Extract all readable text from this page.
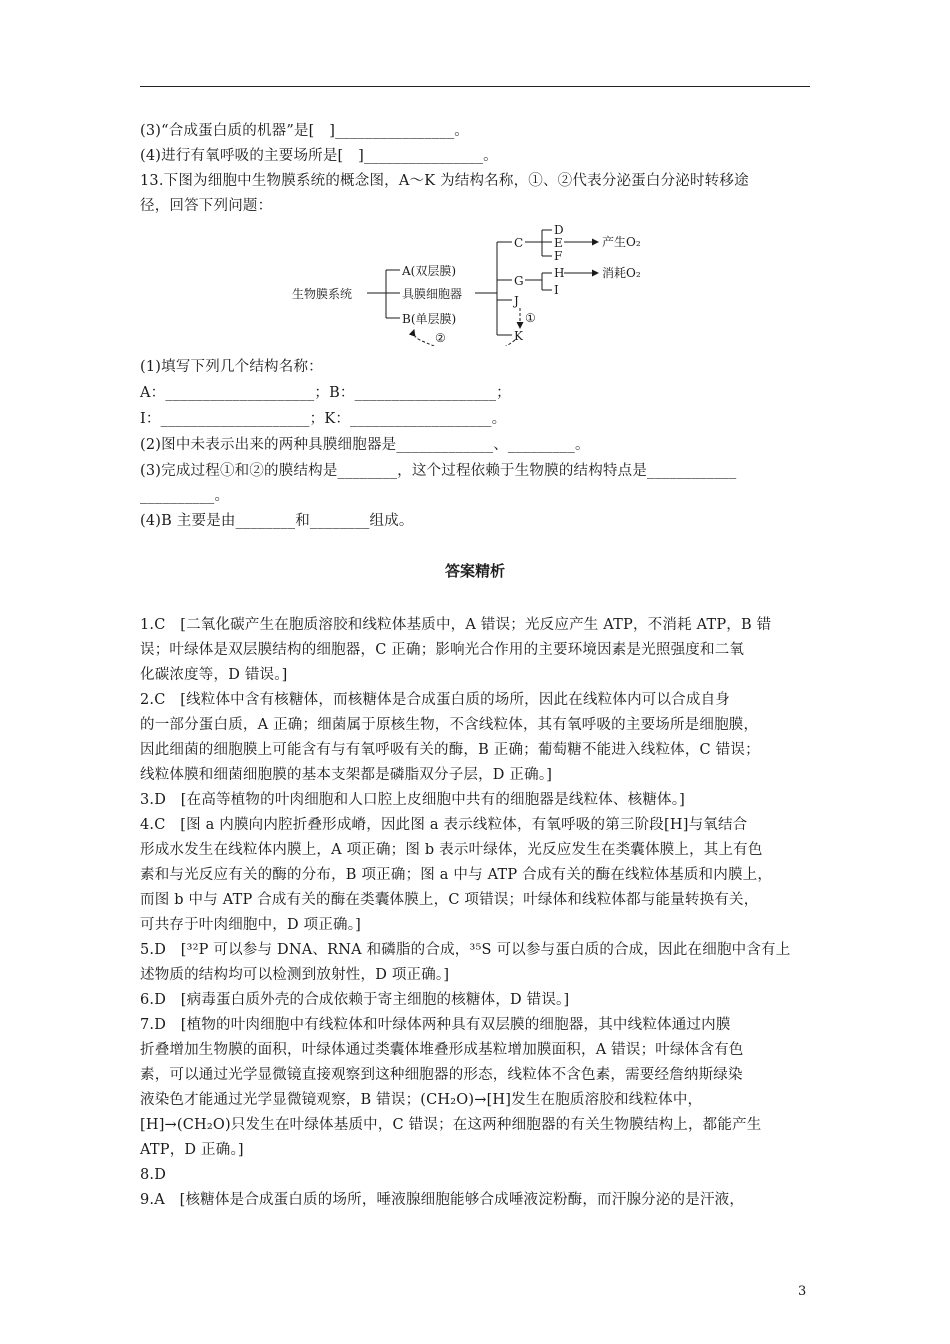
(3)“合成蛋白质的机器”是[　]________________。
(4)进行有氧呼吸的主要场所是[　]________________。
13.下图为细胞中生物膜系统的概念图，A～K 为结构名称，①、②代表分泌蛋白分泌时转移途
径，回答下列问题：
生物膜系统
A(双层膜)
具膜细胞器
B(单层膜)
C
G
J
K
D
E
F
H
I
产生O₂
消耗O₂
①
②
(1)填写下列几个结构名称：
A：____________________；B：___________________；
I：____________________；K：___________________。
(2)图中未表示出来的两种具膜细胞器是_____________、_________。
(3)完成过程①和②的膜结构是________，这个过程依赖于生物膜的结构特点是____________
__________。
(4)B 主要是由________和________组成。
答案精析
1.C　[二氧化碳产生在胞质溶胶和线粒体基质中，A 错误；光反应产生 ATP，不消耗 ATP，B 错
误；叶绿体是双层膜结构的细胞器，C 正确；影响光合作用的主要环境因素是光照强度和二氧
化碳浓度等，D 错误。]
2.C　[线粒体中含有核糖体，而核糖体是合成蛋白质的场所，因此在线粒体内可以合成自身
的一部分蛋白质，A 正确；细菌属于原核生物，不含线粒体，其有氧呼吸的主要场所是细胞膜，
因此细菌的细胞膜上可能含有与有氧呼吸有关的酶，B 正确；葡萄糖不能进入线粒体，C 错误；
线粒体膜和细菌细胞膜的基本支架都是磷脂双分子层，D 正确。]
3.D　[在高等植物的叶肉细胞和人口腔上皮细胞中共有的细胞器是线粒体、核糖体。]
4.C　[图 a 内膜向内腔折叠形成嵴，因此图 a 表示线粒体，有氧呼吸的第三阶段[H]与氧结合
形成水发生在线粒体内膜上，A 项正确；图 b 表示叶绿体，光反应发生在类囊体膜上，其上有色
素和与光反应有关的酶的分布，B 项正确；图 a 中与 ATP 合成有关的酶在线粒体基质和内膜上，
而图 b 中与 ATP 合成有关的酶在类囊体膜上，C 项错误；叶绿体和线粒体都与能量转换有关，
可共存于叶肉细胞中，D 项正确。]
5.D　[³²P 可以参与 DNA、RNA 和磷脂的合成，³⁵S 可以参与蛋白质的合成，因此在细胞中含有上
述物质的结构均可以检测到放射性，D 项正确。]
6.D　[病毒蛋白质外壳的合成依赖于寄主细胞的核糖体，D 错误。]
7.D　[植物的叶肉细胞中有线粒体和叶绿体两种具有双层膜的细胞器，其中线粒体通过内膜
折叠增加生物膜的面积，叶绿体通过类囊体堆叠形成基粒增加膜面积，A 错误；叶绿体含有色
素，可以通过光学显微镜直接观察到这种细胞器的形态，线粒体不含色素，需要经詹纳斯绿染
液染色才能通过光学显微镜观察，B 错误；(CH₂O)→[H]发生在胞质溶胶和线粒体中，
[H]→(CH₂O)只发生在叶绿体基质中，C 错误；在这两种细胞器的有关生物膜结构上，都能产生
ATP，D 正确。]
8.D
9.A　[核糖体是合成蛋白质的场所，唾液腺细胞能够合成唾液淀粉酶，而汗腺分泌的是汗液，
3
